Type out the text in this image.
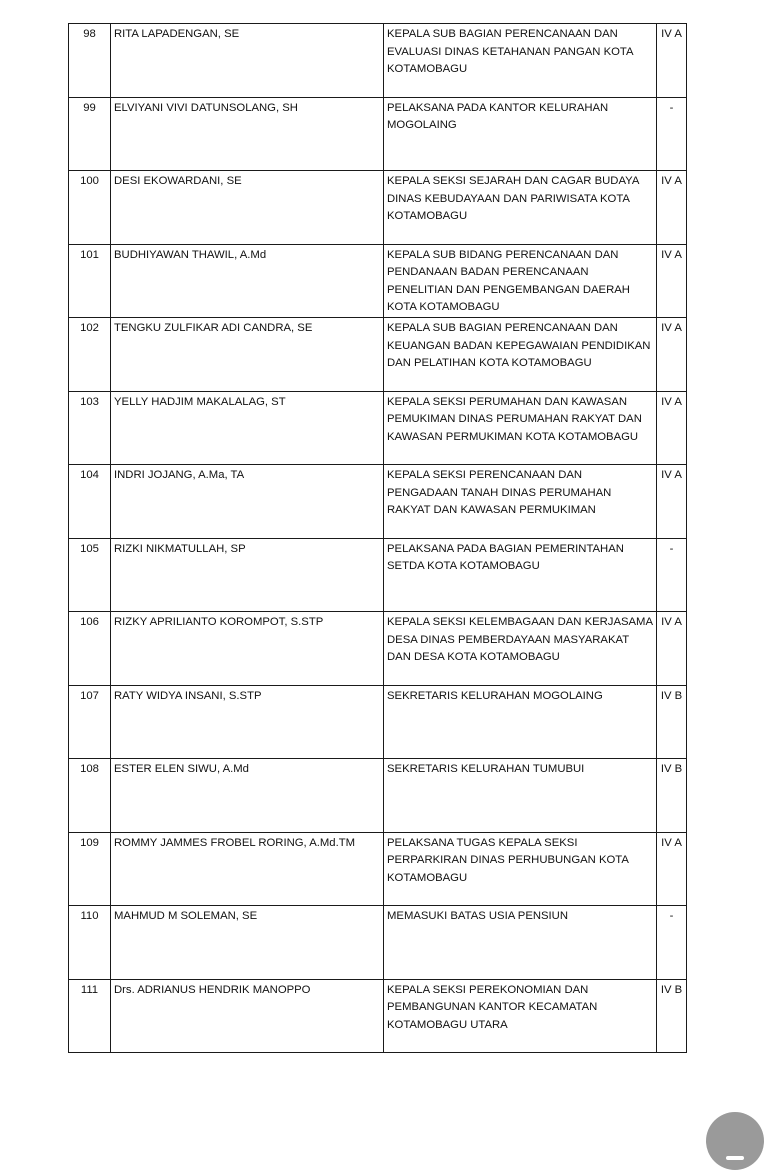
98	RITA LAPADENGAN, SE	KEPALA SUB BAGIAN PERENCANAAN DAN EVALUASI DINAS KETAHANAN PANGAN KOTA KOTAMOBAGU	IV A
99	ELVIYANI VIVI DATUNSOLANG, SH	PELAKSANA PADA KANTOR KELURAHAN MOGOLAING	-
100	DESI EKOWARDANI, SE	KEPALA SEKSI SEJARAH DAN CAGAR BUDAYA DINAS KEBUDAYAAN DAN PARIWISATA KOTA KOTAMOBAGU	IV A
101	BUDHIYAWAN THAWIL, A.Md	KEPALA SUB BIDANG PERENCANAAN DAN PENDANAAN BADAN PERENCANAAN PENELITIAN DAN PENGEMBANGAN DAERAH KOTA KOTAMOBAGU	IV A
102	TENGKU ZULFIKAR ADI CANDRA, SE	KEPALA SUB BAGIAN PERENCANAAN DAN KEUANGAN BADAN KEPEGAWAIAN PENDIDIKAN DAN PELATIHAN KOTA KOTAMOBAGU	IV A
103	YELLY HADJIM MAKALALAG, ST	KEPALA SEKSI PERUMAHAN DAN KAWASAN PEMUKIMAN DINAS PERUMAHAN RAKYAT DAN KAWASAN PERMUKIMAN KOTA KOTAMOBAGU	IV A
104	INDRI JOJANG, A.Ma, TA	KEPALA SEKSI PERENCANAAN DAN PENGADAAN TANAH DINAS PERUMAHAN RAKYAT DAN KAWASAN PERMUKIMAN	IV A
105	RIZKI NIKMATULLAH, SP	PELAKSANA PADA BAGIAN PEMERINTAHAN SETDA KOTA KOTAMOBAGU	-
106	RIZKY APRILIANTO KOROMPOT, S.STP	KEPALA SEKSI KELEMBAGAAN DAN KERJASAMA DESA DINAS PEMBERDAYAAN MASYARAKAT DAN DESA KOTA KOTAMOBAGU	IV A
107	RATY WIDYA INSANI, S.STP	SEKRETARIS KELURAHAN MOGOLAING	IV B
108	ESTER ELEN SIWU, A.Md	SEKRETARIS KELURAHAN TUMUBUI	IV B
109	ROMMY JAMMES FROBEL RORING, A.Md.TM	PELAKSANA TUGAS KEPALA SEKSI PERPARKIRAN DINAS PERHUBUNGAN KOTA KOTAMOBAGU	IV A
110	MAHMUD M SOLEMAN, SE	MEMASUKI BATAS USIA PENSIUN	-
111	Drs. ADRIANUS HENDRIK MANOPPO	KEPALA SEKSI PEREKONOMIAN DAN PEMBANGUNAN KANTOR KECAMATAN KOTAMOBAGU UTARA	IV B
